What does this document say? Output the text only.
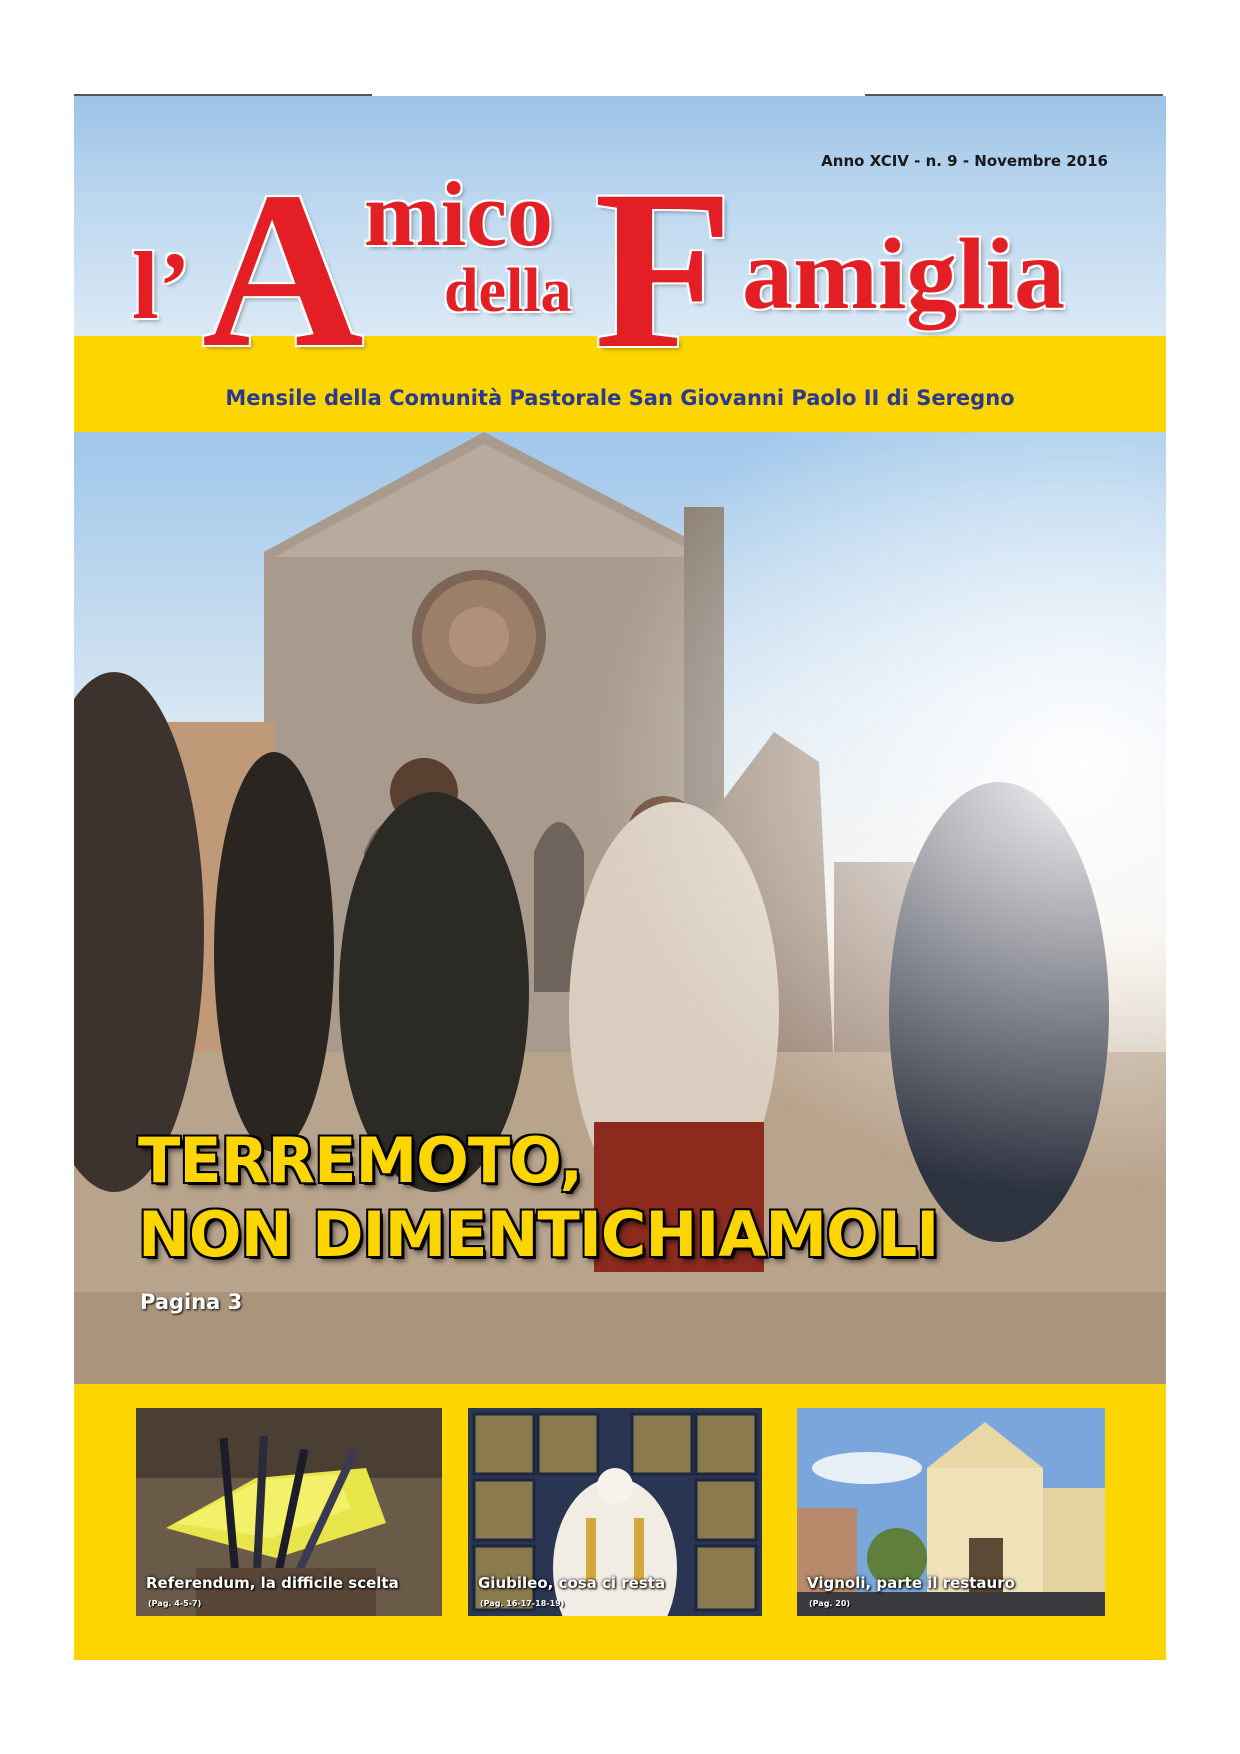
Anno XCIV - n. 9 - Novembre 2016
l’ A mico
della F amiglia
Mensile della Comunità Pastorale San Giovanni Paolo II di Seregno
TERREMOTO,
NON DIMENTICHIAMOLI
Pagina 3
Referendum, la difficile scelta
(Pag. 4-5-7)
Giubileo, cosa ci resta
(Pag. 16-17-18-19)
Vignoli, parte il restauro
(Pag. 20)
